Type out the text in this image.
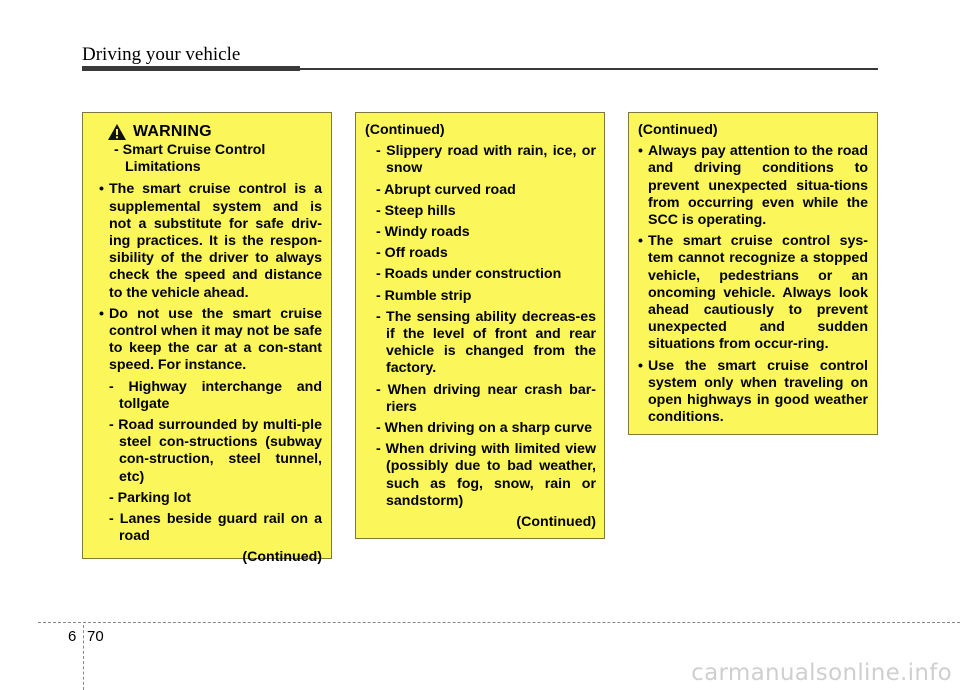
Driving your vehicle
WARNING
- Smart Cruise Control Limitations
• The smart cruise control is a supplemental system and is not a substitute for safe driv-ing practices. It is the respon-sibility of the driver to always check the speed and distance to the vehicle ahead.
• Do not use the smart cruise control when it may not be safe to keep the car at a con-stant speed. For instance.
- Highway interchange and tollgate
- Road surrounded by multi-ple steel con-structions (subway con-struction, steel tunnel, etc)
- Parking lot
- Lanes beside guard rail on a road
(Continued)
(Continued)
- Slippery road with rain, ice, or snow
- Abrupt curved road
- Steep hills
- Windy roads
- Off roads
- Roads under construction
- Rumble strip
- The sensing ability decreas-es if the level of front and rear vehicle is changed from the factory.
- When driving near crash bar-riers
- When driving on a sharp curve
- When driving with limited view (possibly due to bad weather, such as fog, snow, rain or sandstorm)
(Continued)
(Continued)
• Always pay attention to the road and driving conditions to prevent unexpected situa-tions from occurring even while the SCC is operating.
• The smart cruise control sys-tem cannot recognize a stopped vehicle, pedestrians or an oncoming vehicle. Always look ahead cautiously to prevent unexpected and sudden situations from occur-ring.
• Use the smart cruise control system only when traveling on open highways in good weather conditions.
6 70
carmanualsonline.info
